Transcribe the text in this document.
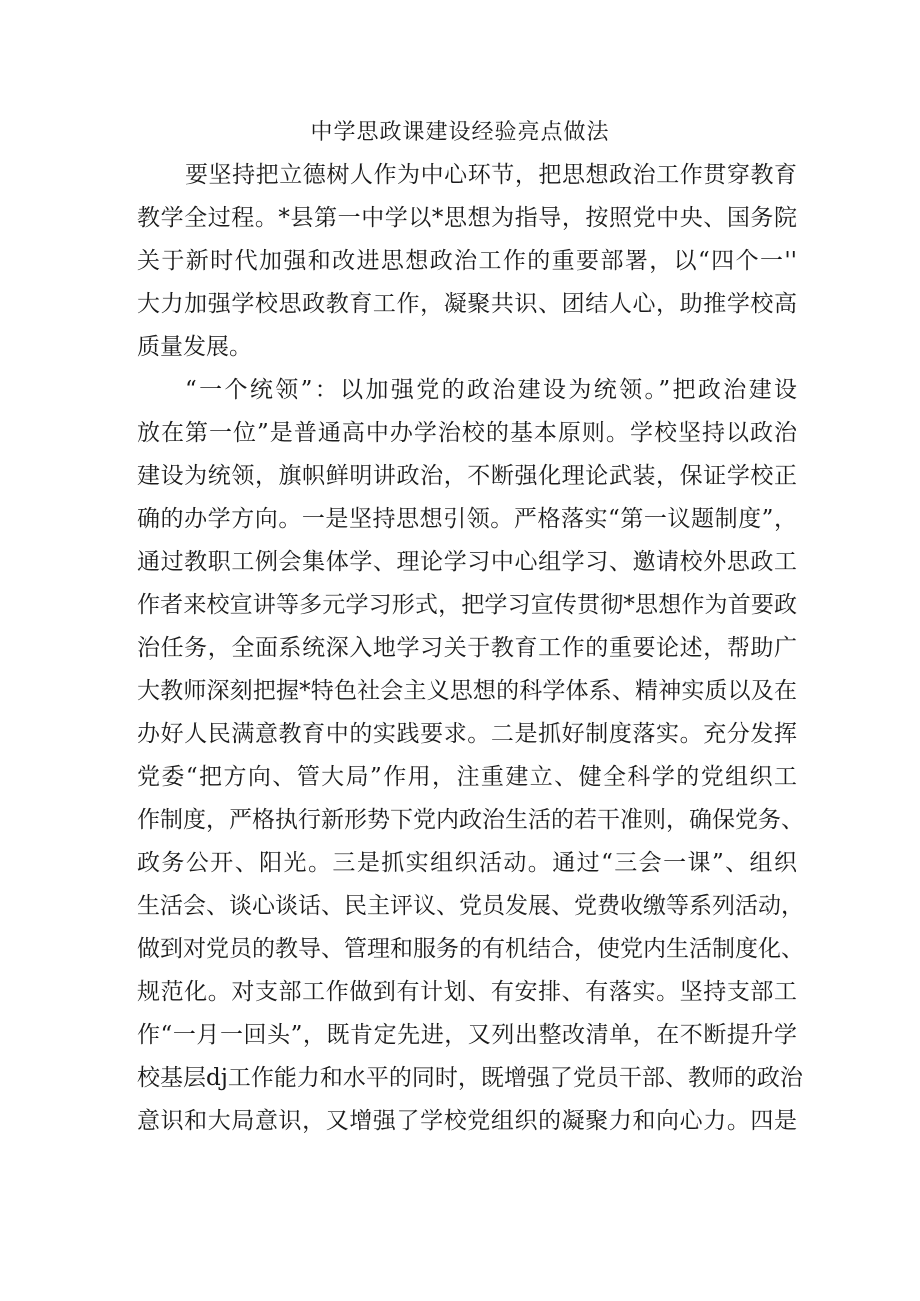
中学思政课建设经验亮点做法
要坚持把立德树人作为中心环节，把思想政治工作贯穿教育
教学全过程。*县第一中学以*思想为指导，按照党中央、国务院
关于新时代加强和改进思想政治工作的重要部署，以“四个一''
大力加强学校思政教育工作，凝聚共识、团结人心，助推学校高
质量发展。
“一个统领”：以加强党的政治建设为统领。”把政治建设
放在第一位”是普通高中办学治校的基本原则。学校坚持以政治
建设为统领，旗帜鲜明讲政治，不断强化理论武装，保证学校正
确的办学方向。一是坚持思想引领。严格落实“第一议题制度”，
通过教职工例会集体学、理论学习中心组学习、邀请校外思政工
作者来校宣讲等多元学习形式，把学习宣传贯彻*思想作为首要政
治任务，全面系统深入地学习关于教育工作的重要论述，帮助广
大教师深刻把握*特色社会主义思想的科学体系、精神实质以及在
办好人民满意教育中的实践要求。二是抓好制度落实。充分发挥
党委“把方向、管大局”作用，注重建立、健全科学的党组织工
作制度，严格执行新形势下党内政治生活的若干准则，确保党务、
政务公开、阳光。三是抓实组织活动。通过“三会一课”、组织
生活会、谈心谈话、民主评议、党员发展、党费收缴等系列活动，
做到对党员的教导、管理和服务的有机结合，使党内生活制度化、
规范化。对支部工作做到有计划、有安排、有落实。坚持支部工
作“一月一回头”，既肯定先进，又列出整改清单，在不断提升学
校基层dj工作能力和水平的同时，既增强了党员干部、教师的政治
意识和大局意识，又增强了学校党组织的凝聚力和向心力。四是
